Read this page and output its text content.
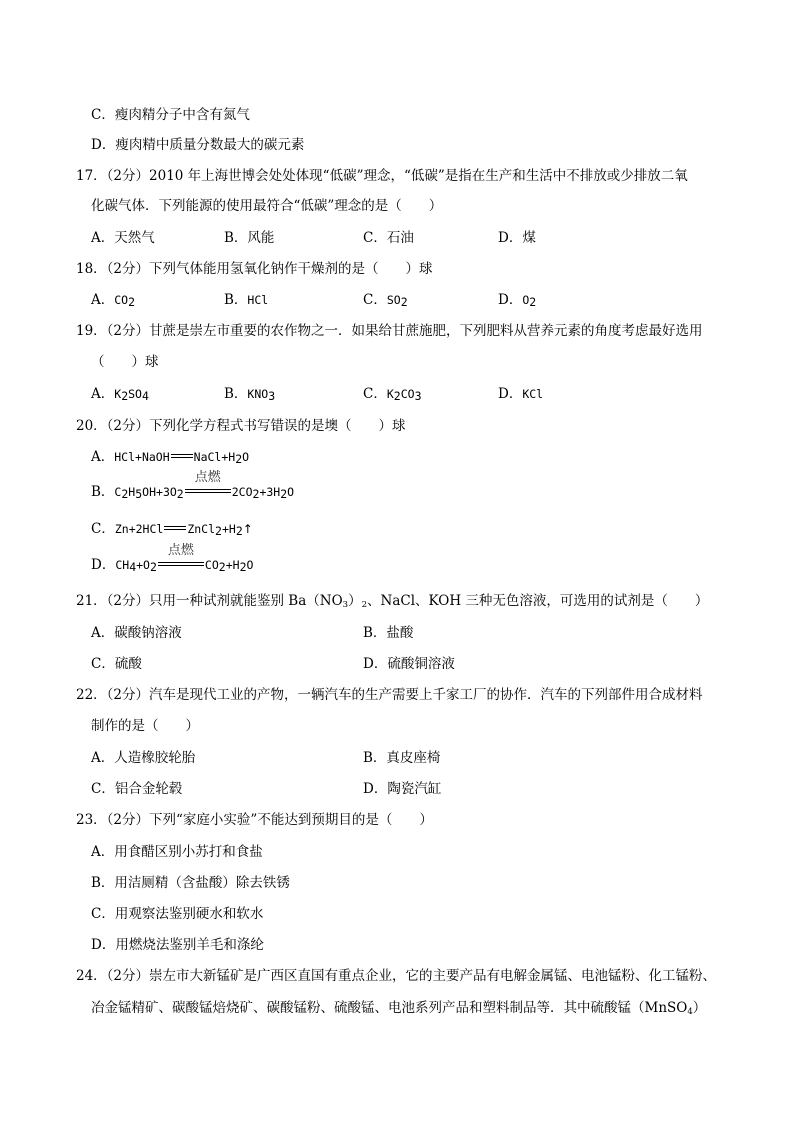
C．瘦肉精分子中含有氮气
D．瘦肉精中质量分数最大的碳元素
17．（2分）2010 年上海世博会处处体现“低碳”理念，“低碳”是指在生产和生活中不排放或少排放二氧
化碳气体．下列能源的使用最符合“低碳”理念的是（　　）
A．天然气	B．风能	C．石油	D．煤
18．（2分）下列气体能用氢氧化钠作干燥剂的是（　　）球
A．$CO_2$	B．HCl	C．$SO_2$	D．$O_2$
19．（2分）甘蔗是崇左市重要的农作物之一．如果给甘蔗施肥，下列肥料从营养元素的角度考虑最好选用
（　　）球
A．$K_2SO_4$	B．$KNO_3$	C．$K_2CO_3$	D．KCl
20．（2分）下列化学方程式书写错误的是墺（　　）球
A．HCl+NaOH $NaCl+H_2O$
B．$C_2H_5OH+3O_2$
点燃
$2CO_2+3H_2O$
C．Zn+2HCl $ZnCl_2+H_2↑$
D．$CH_4+O_2$
点燃
$CO_2+H_2O$
21．（2分）只用一种试剂就能鉴别 $Ba(NO_3)_2$、NaCl、KOH 三种无色溶液，可选用的试剂是（　　）
A．碳酸钠溶液	B．盐酸
C．硫酸	D．硫酸铜溶液
22．（2分）汽车是现代工业的产物，一辆汽车的生产需要上千家工厂的协作．汽车的下列部件用合成材料
制作的是（　　）
A．人造橡胶轮胎	B．真皮座椅
C．铝合金轮毂	D．陶瓷汽缸
23．（2分）下列“家庭小实验”不能达到预期目的是（　　）
A．用食醋区别小苏打和食盐
B．用洁厕精（含盐酸）除去铁锈
C．用观察法鉴别硬水和软水
D．用燃烧法鉴别羊毛和涤纶
24．（2分）崇左市大新锰矿是广西区直国有重点企业，它的主要产品有电解金属锰、电池锰粉、化工锰粉、
冶金锰精矿、碳酸锰焙烧矿、碳酸锰粉、硫酸锰、电池系列产品和塑料制品等．其中硫酸锰（MnSO$_4$）
